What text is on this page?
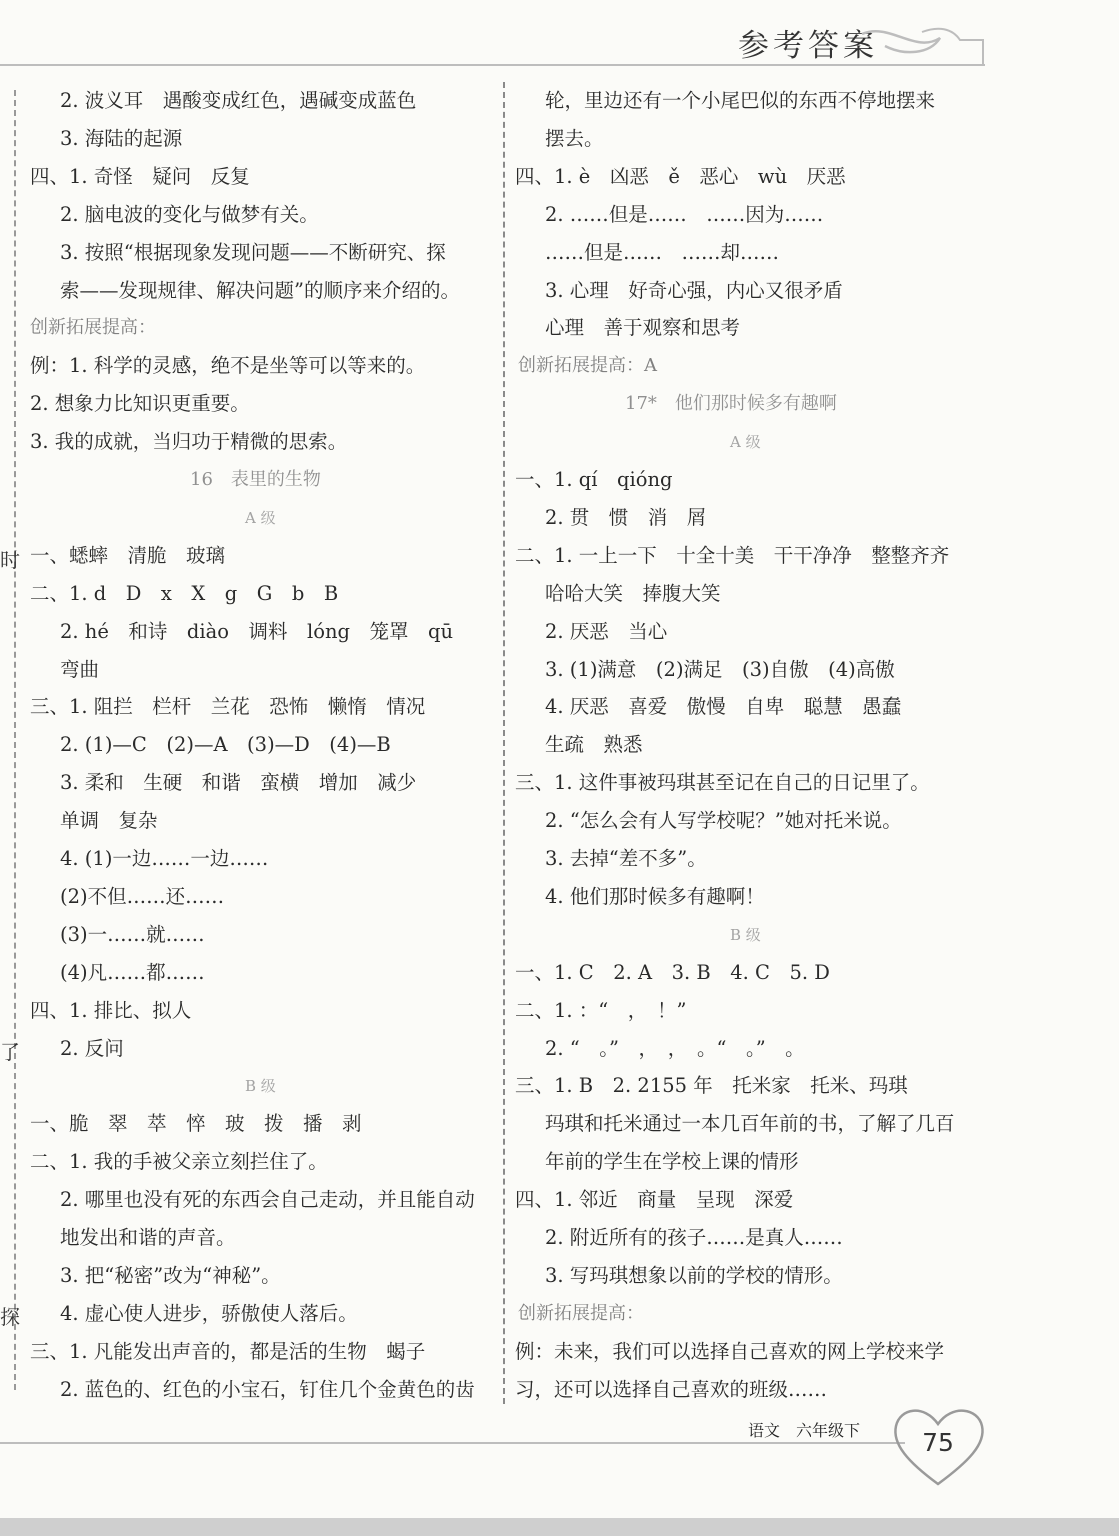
参考答案
时
了
探
2. 波义耳　遇酸变成红色，遇碱变成蓝色
3. 海陆的起源
四、1. 奇怪　疑问　反复
2. 脑电波的变化与做梦有关。
3. 按照“根据现象发现问题——不断研究、探
索——发现规律、解决问题”的顺序来介绍的。
创新拓展提高：
例：1. 科学的灵感，绝不是坐等可以等来的。
2. 想象力比知识更重要。
3. 我的成就，当归功于精微的思索。
16　表里的生物
A 级
一、蟋蟀　清脆　玻璃
二、1. d　D　x　X　g　G　b　B
2. hé　和诗　diào　调料　lóng　笼罩　qū
弯曲
三、1. 阻拦　栏杆　兰花　恐怖　懒惰　情况
2. (1)—C　(2)—A　(3)—D　(4)—B
3. 柔和　生硬　和谐　蛮横　增加　减少
单调　复杂
4. (1)一边……一边……
(2)不但……还……
(3)一……就……
(4)凡……都……
四、1. 排比、拟人
2. 反问
B 级
一、脆　翠　萃　悴　玻　拨　播　剥
二、1. 我的手被父亲立刻拦住了。
2. 哪里也没有死的东西会自己走动，并且能自动
地发出和谐的声音。
3. 把“秘密”改为“神秘”。
4. 虚心使人进步，骄傲使人落后。
三、1. 凡能发出声音的，都是活的生物　蝎子
2. 蓝色的、红色的小宝石，钉住几个金黄色的齿
轮，里边还有一个小尾巴似的东西不停地摆来
摆去。
四、1. è　凶恶　ě　恶心　wù　厌恶
2. ……但是……　……因为……
……但是……　……却……
3. 心理　好奇心强，内心又很矛盾
心理　善于观察和思考
创新拓展提高：A
17*　他们那时候多有趣啊
A 级
一、1. qí　qióng
2. 贯　惯　消　屑
二、1. 一上一下　十全十美　干干净净　整整齐齐
哈哈大笑　捧腹大笑
2. 厌恶　当心
3. (1)满意　(2)满足　(3)自傲　(4)高傲
4. 厌恶　喜爱　傲慢　自卑　聪慧　愚蠢
生疏　熟悉
三、1. 这件事被玛琪甚至记在自己的日记里了。
2. “怎么会有人写学校呢？”她对托米说。
3. 去掉“差不多”。
4. 他们那时候多有趣啊！
B 级
一、1. C　2. A　3. B　4. C　5. D
二、1. ：“　，　！”
2. “　。”　，　，　。“　。”　。
三、1. B　2. 2155 年　托米家　托米、玛琪
玛琪和托米通过一本几百年前的书，了解了几百
年前的学生在学校上课的情形
四、1. 邻近　商量　呈现　深爱
2. 附近所有的孩子……是真人……
3. 写玛琪想象以前的学校的情形。
创新拓展提高：
例：未来，我们可以选择自己喜欢的网上学校来学
习，还可以选择自己喜欢的班级……
语文　六年级下	75
